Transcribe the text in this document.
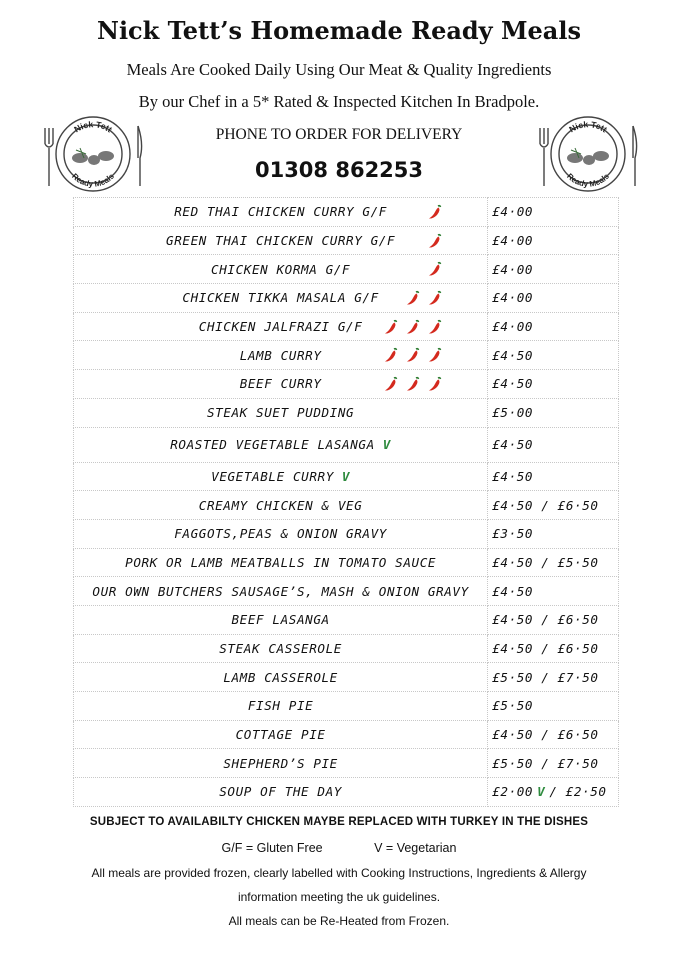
Nick Tett’s Homemade Ready Meals
Meals Are Cooked Daily Using Our Meat & Quality Ingredients
By our Chef in a 5* Rated & Inspected Kitchen In Bradpole.
PHONE TO ORDER FOR DELIVERY
01308 862253
Nick Tett
Ready Meals
Nick Tett
Ready Meals
RED THAI CHICKEN CURRY G/F	£4·00
GREEN THAI CHICKEN CURRY G/F	£4·00
CHICKEN KORMA G/F	£4·00
CHICKEN TIKKA MASALA G/F	£4·00
CHICKEN JALFRAZI G/F	£4·00
LAMB CURRY	£4·50
BEEF CURRY	£4·50
STEAK SUET PUDDING	£5·00
ROASTED VEGETABLE LASANGA V	£4·50
VEGETABLE CURRY V	£4·50
CREAMY CHICKEN & VEG	£4·50 / £6·50
FAGGOTS,PEAS & ONION GRAVY	£3·50
PORK OR LAMB MEATBALLS IN TOMATO SAUCE	£4·50 / £5·50
OUR OWN BUTCHERS SAUSAGE’S, MASH & ONION GRAVY	£4·50
BEEF LASANGA	£4·50 / £6·50
STEAK CASSEROLE	£4·50 / £6·50
LAMB CASSEROLE	£5·50 / £7·50
FISH PIE	£5·50
COTTAGE PIE	£4·50 / £6·50
SHEPHERD’S PIE	£5·50 / £7·50
SOUP OF THE DAY	£2·00 V / £2·50
SUBJECT TO AVAILABILTY CHICKEN MAYBE REPLACED WITH TURKEY IN THE DISHES
G/F = Gluten Free	V = Vegetarian
All meals are provided frozen, clearly labelled with Cooking Instructions, Ingredients & Allergy
information meeting the uk guidelines.
All meals can be Re-Heated from Frozen.
